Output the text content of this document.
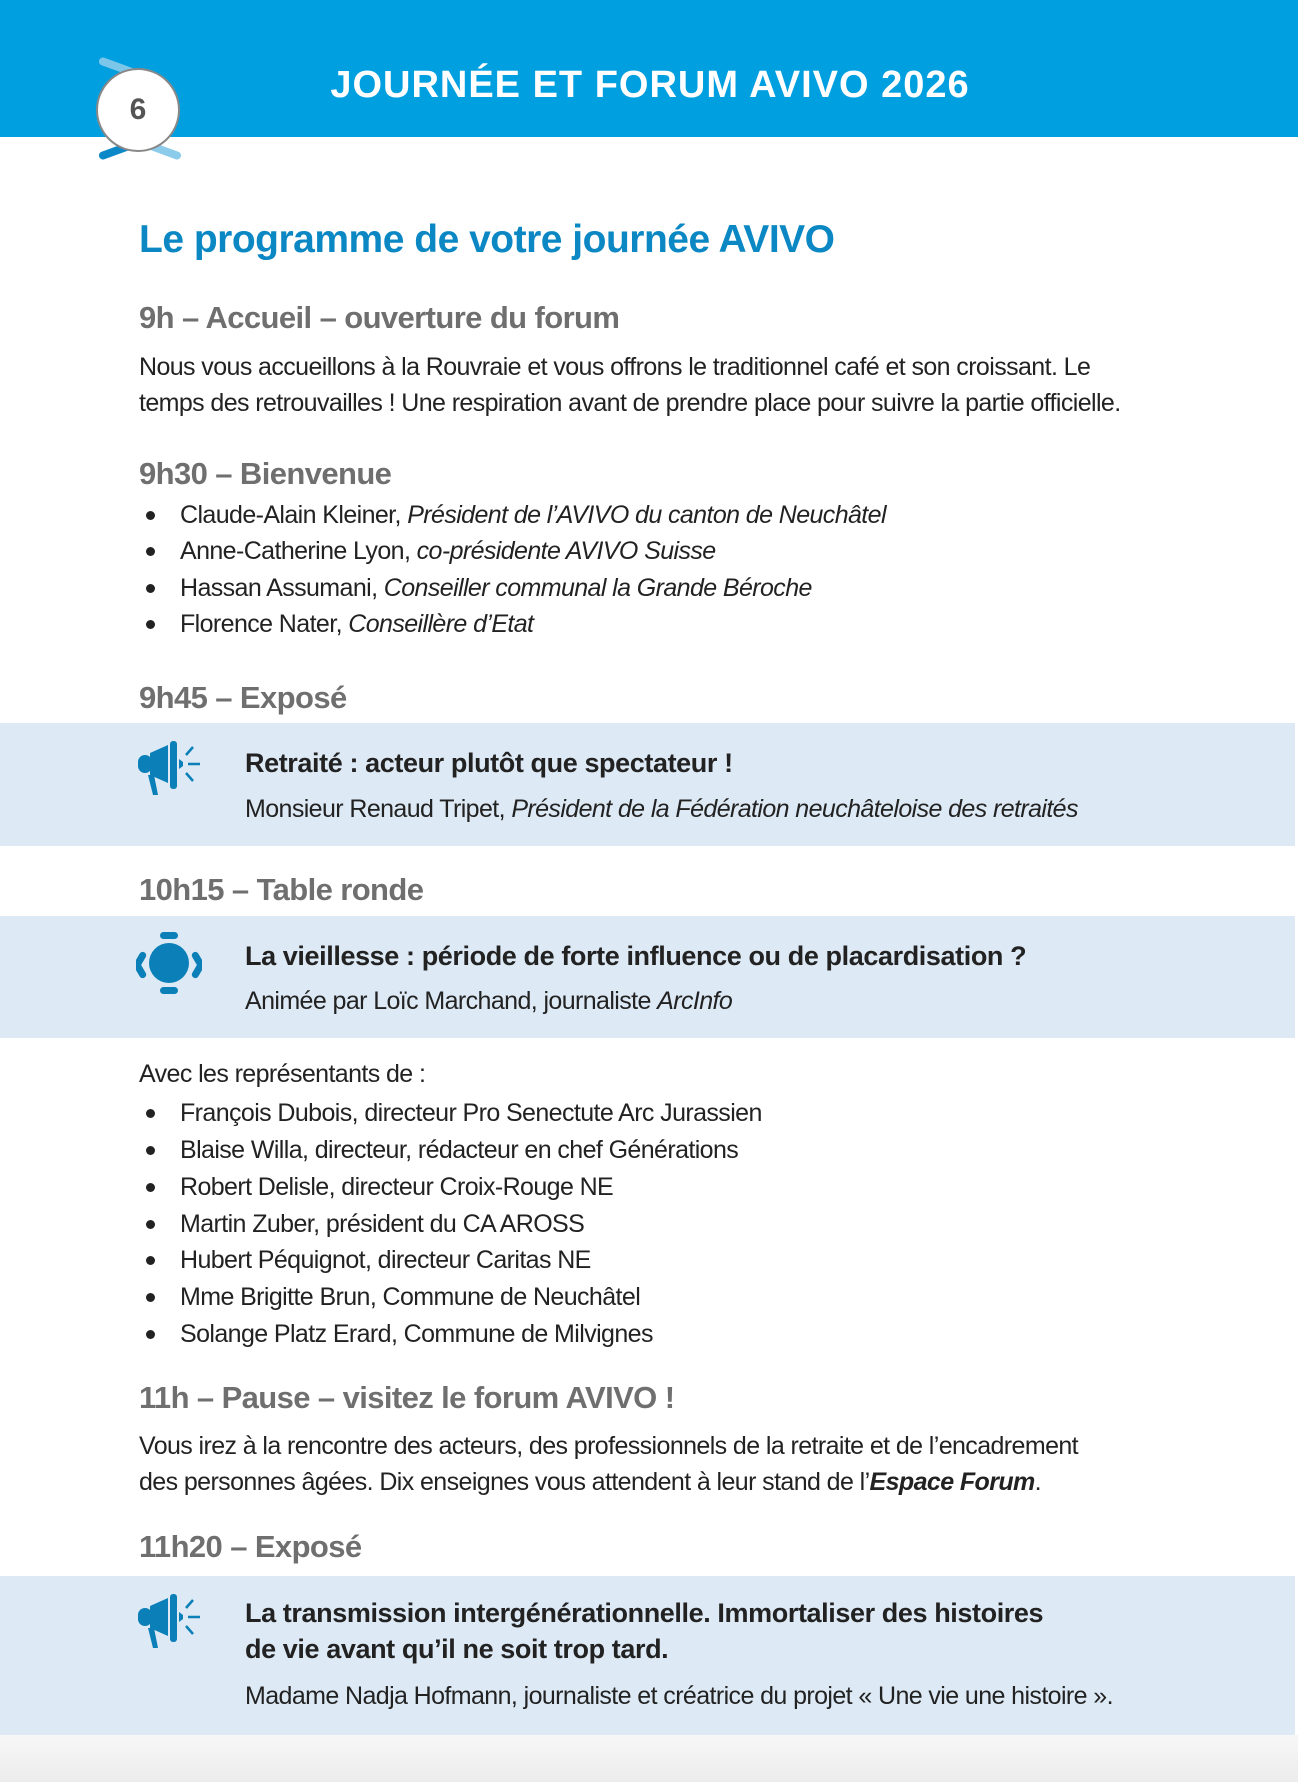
6
JOURNÉE ET FORUM AVIVO 2026
Le programme de votre journée AVIVO
9h – Accueil – ouverture du forum
Nous vous accueillons à la Rouvraie et vous offrons le traditionnel café et son croissant. Le
temps des retrouvailles ! Une respiration avant de prendre place pour suivre la partie officielle.
9h30 – Bienvenue
Claude-Alain Kleiner, Président de l’AVIVO du canton de Neuchâtel
Anne-Catherine Lyon, co-présidente AVIVO Suisse
Hassan Assumani, Conseiller communal la Grande Béroche
Florence Nater, Conseillère d’Etat
9h45 – Exposé
Retraité : acteur plutôt que spectateur !
Monsieur Renaud Tripet, Président de la Fédération neuchâteloise des retraités
10h15 – Table ronde
La vieillesse : période de forte influence ou de placardisation ?
Animée par Loïc Marchand, journaliste ArcInfo
Avec les représentants de :
François Dubois, directeur Pro Senectute Arc Jurassien
Blaise Willa, directeur, rédacteur en chef Générations
Robert Delisle, directeur Croix-Rouge NE
Martin Zuber, président du CA AROSS
Hubert Péquignot, directeur Caritas NE
Mme Brigitte Brun, Commune de Neuchâtel
Solange Platz Erard, Commune de Milvignes
11h – Pause – visitez le forum AVIVO !
Vous irez à la rencontre des acteurs, des professionnels de la retraite et de l’encadrement
des personnes âgées. Dix enseignes vous attendent à leur stand de l’Espace Forum.
11h20 – Exposé
La transmission intergénérationnelle. Immortaliser des histoires
de vie avant qu’il ne soit trop tard.
Madame Nadja Hofmann, journaliste et créatrice du projet « Une vie une histoire ».
